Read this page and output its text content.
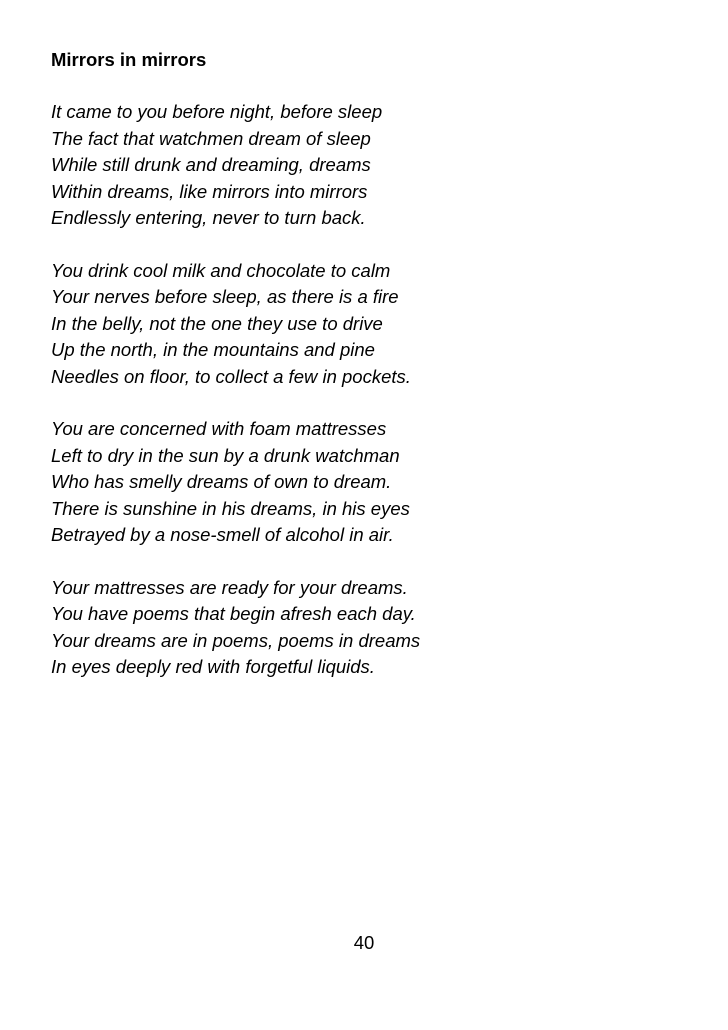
Mirrors in mirrors

It came to you before night, before sleep
The fact that watchmen dream of sleep
While still drunk and dreaming, dreams
Within dreams, like mirrors into mirrors
Endlessly entering, never to turn back.

You drink cool milk and chocolate to calm
Your nerves before sleep, as there is a fire
In the belly, not the one they use to drive
Up the north, in the mountains and pine
Needles on floor, to collect a few in pockets.

You are concerned with foam mattresses
Left to dry in the sun by a drunk watchman
Who has smelly dreams of own to dream.
There is sunshine in his dreams, in his eyes
Betrayed by a nose-smell of alcohol in air.

Your mattresses are ready for your dreams.
You have poems that begin afresh each day.
Your dreams are in poems, poems in dreams
In eyes deeply red with forgetful liquids.

40
